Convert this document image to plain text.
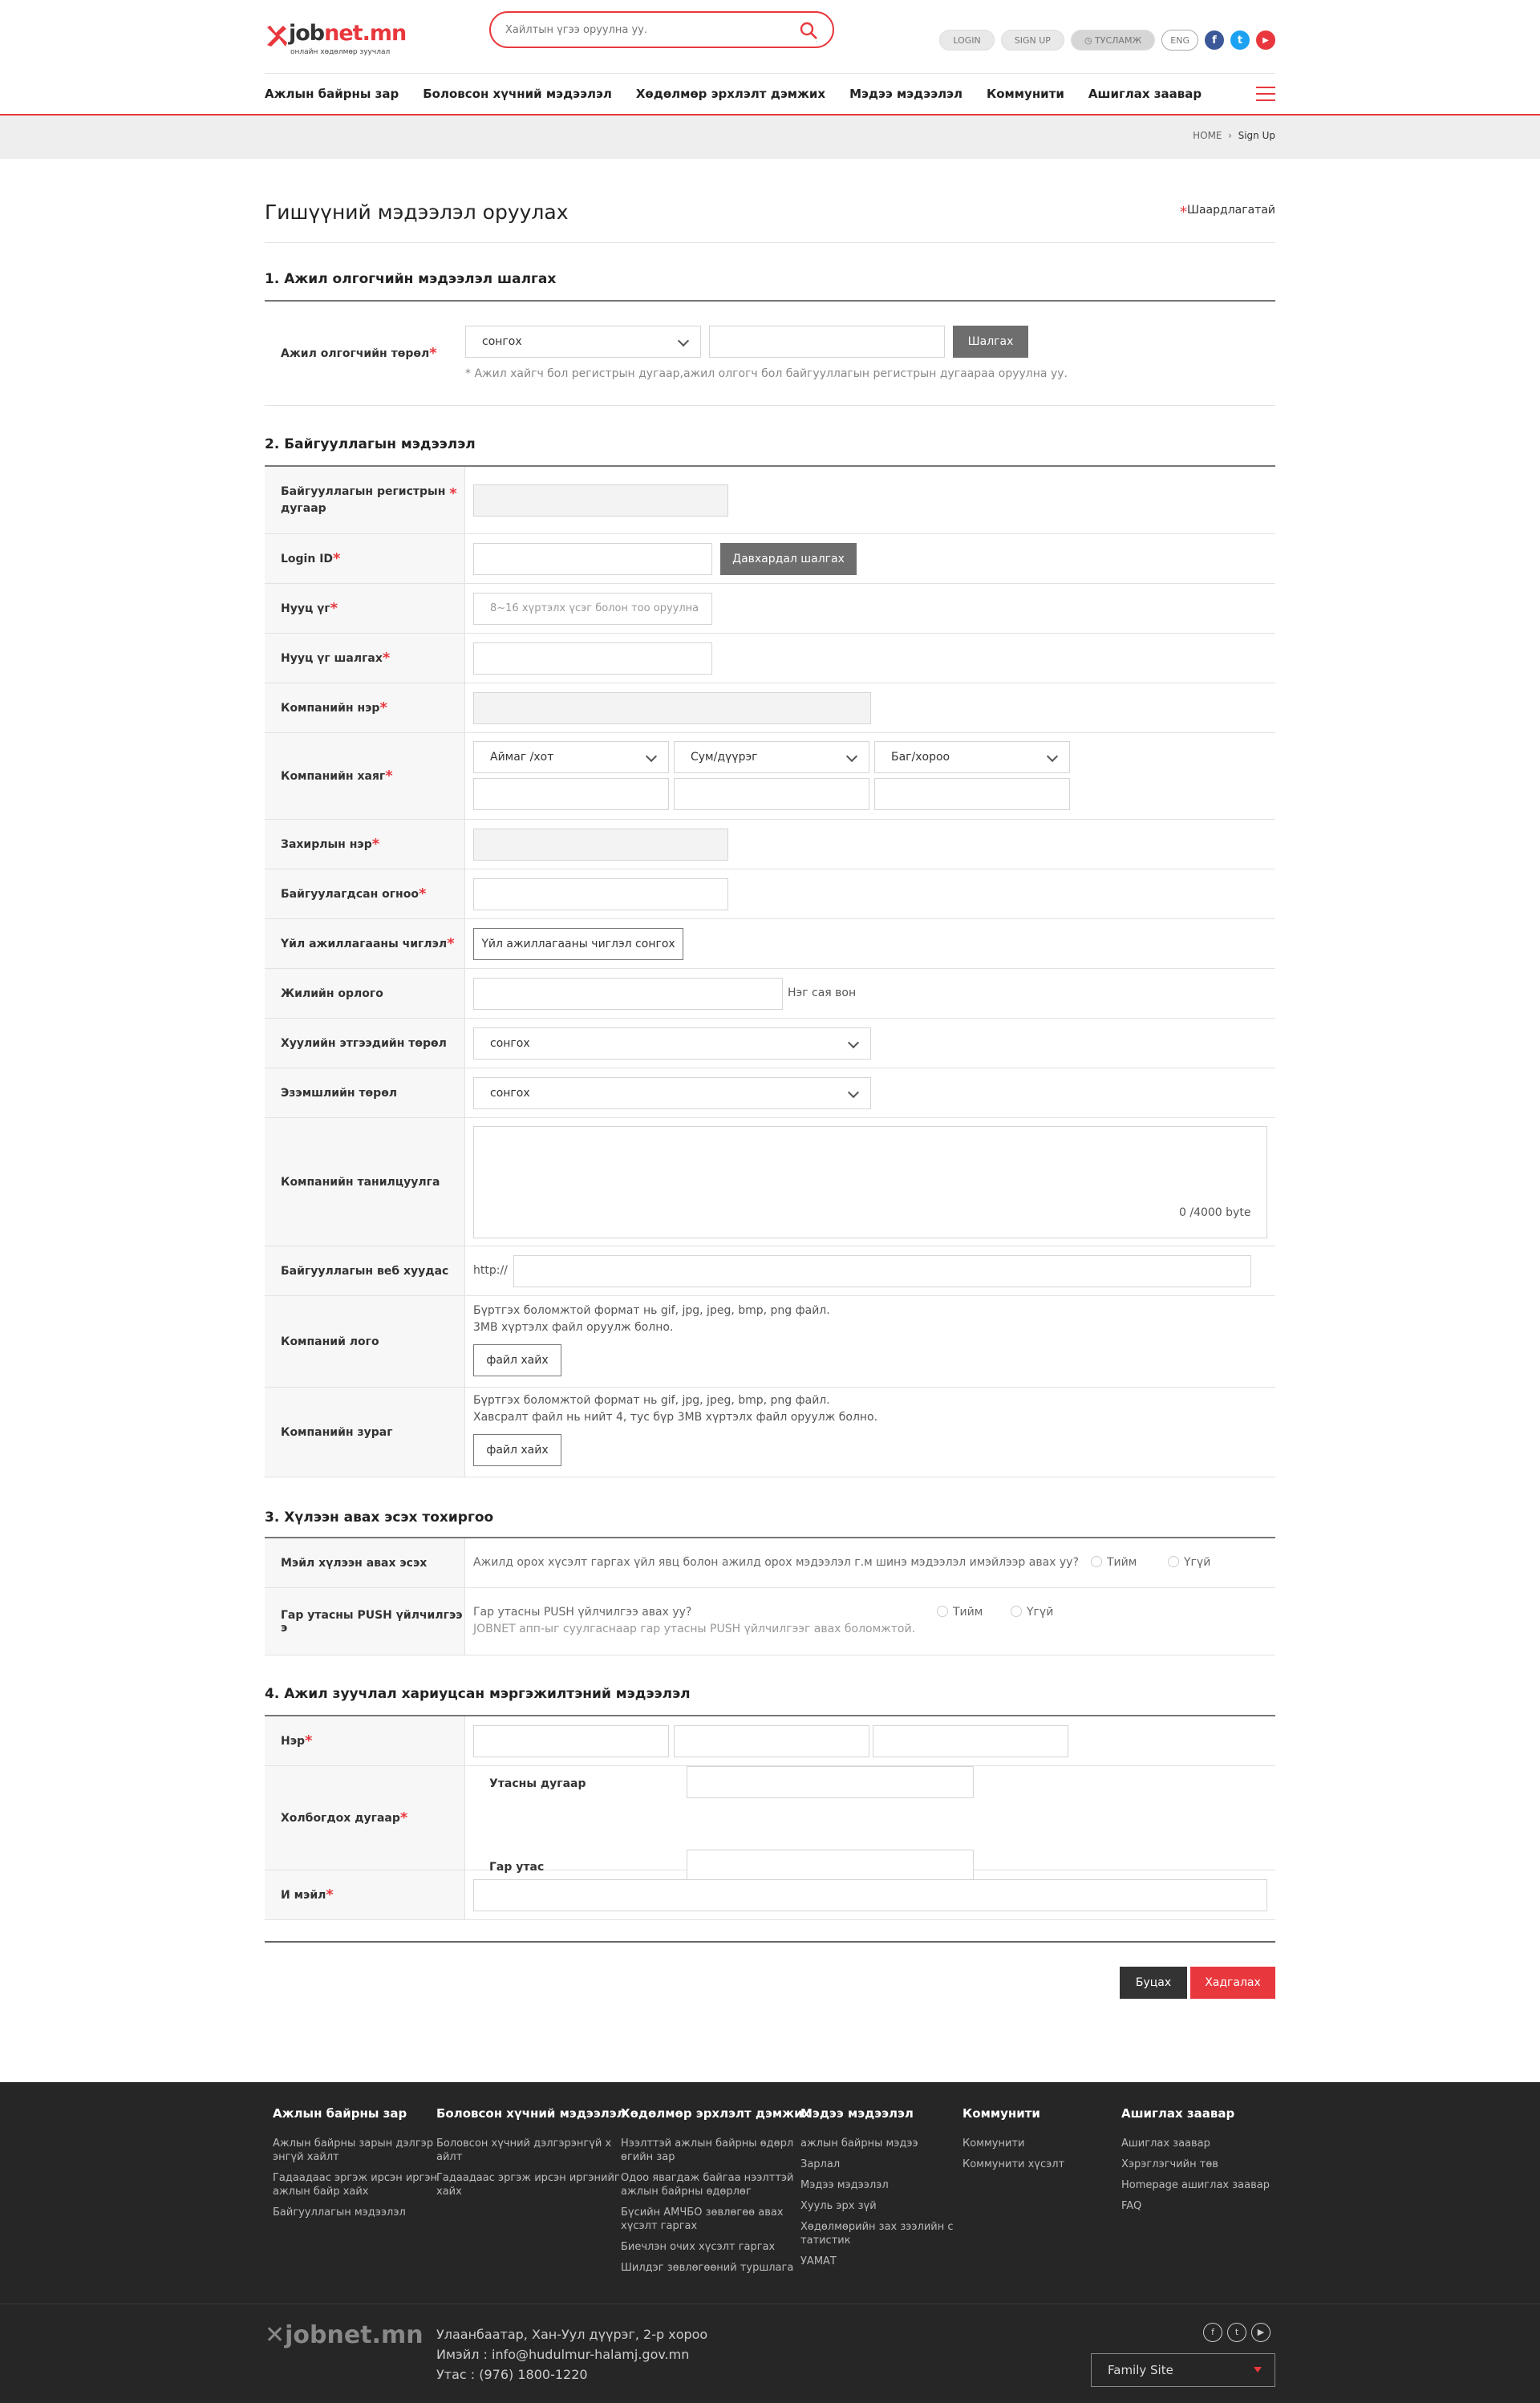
jobnet.mn
онлайн хөдөлмөр зуучлал
Хайлтын үгээ оруулна уу.
LOGIN	SIGN UP	◷ ТУСЛАМЖ	ENG	f	t	▶
Ажлын байрны зар Боловсон хүчний мэдээлэл Хөдөлмөр эрхлэлт дэмжих Мэдээ мэдээлэл Коммунити Ашиглах заавар
HOME  ›  Sign Up
Гишүүний мэдээлэл оруулах	*Шаардлагатай
1. Ажил олгогчийн мэдээлэл шалгах
Ажил олгогчийн төрөл *
сонгох	Шалгах
* Ажил хайгч бол регистрын дугаар,ажил олгогч бол байгууллагын регистрын дугаараа оруулна уу.
2. Байгууллагын мэдээлэл
Байгууллагын регистрын *
дугаар
Login ID *	Давхардал шалгах
Нууц үг *	8~16 хүртэлх үсэг болон тоо оруулна
Нууц үг шалгах *
Компанийн нэр *
Компанийн хаяг *
Аймаг /хот	Сум/дүүрэг	Баг/хороо
Захирлын нэр *
Байгуулагдсан огноо *
Үйл ажиллагааны чиглэл *	Үйл ажиллагааны чиглэл сонгох
Жилийн орлого	Нэг сая вон
Хуулийн этгээдийн төрөл	сонгох
Эзэмшлийн төрөл	сонгох
Компанийн танилцуулга
0 /4000 byte
Байгууллагын веб хуудас	http://
Компаний лого
Бүртгэх боломжтой формат нь gif, jpg, jpeg, bmp, png файл.
3MB хүртэлх файл оруулж болно.
файл хайх
Компанийн зураг
Бүртгэх боломжтой формат нь gif, jpg, jpeg, bmp, png файл.
Хавсралт файл нь нийт 4, тус бүр 3MB хүртэлх файл оруулж болно.
файл хайх
3. Хүлээн авах эсэх тохиргоо
Мэйл хүлээн авах эсэх	Ажилд орох хүсэлт гаргах үйл явц болон ажилд орох мэдээлэл г.м шинэ мэдээлэл имэйлээр авах уу?	Тийм	Үгүй
Гар утасны PUSH үйлчилгээ
э
Гар утасны PUSH үйлчилгээ авах уу?
JOBNET апп-ыг суулгаснаар гар утасны PUSH үйлчилгээг авах боломжтой.
Тийм	Үгүй
4. Ажил зуучлал хариуцсан мэргэжилтэний мэдээлэл
Нэр *
Холбогдох дугаар *
Утасны дугаар
Гар утас
И мэйл *
Буцах	Хадгалах
Ажлын байрны зар

Ажлын байрны зарын дэлгэр
энгүй хайлт

Гадаадаас эргэж ирсэн иргэн
ажлын байр хайх

Байгууллагын мэдээлэл

Боловсон хүчний мэдээлэл

Боловсон хүчний дэлгэрэнгүй х
айлт

Гадаадаас эргэж ирсэн иргэнийг
хайх

Хөдөлмөр эрхлэлт дэмжих

Нээлттэй ажлын байрны өдөрл
өгийн зар

Одоо явагдаж байгаа нээлттэй
ажлын байрны өдөрлөг

Бүсийн АМЧБО зөвлөгөө авах
хүсэлт гаргах

Биечлэн очих хүсэлт гаргах

Шилдэг зөвлөгөөний туршлага

Мэдээ мэдээлэл

ажлын байрны мэдээ

Зарлал

Мэдээ мэдээлэл

Хууль эрх зүй

Хөдөлмөрийн зах зээлийн с
татистик

УАМАТ

Коммунити

Коммунити

Коммунити хүсэлт

Ашиглах заавар

Ашиглах заавар

Хэрэглэгчийн төв

Homepage ашиглах заавар

FAQ

✕jobnet.mn Улаанбаатар, Хан-Уул дүүрэг, 2-р хороо
Имэйл : info@hudulmur-halamj.gov.mn
Утас : (976) 1800-1220
f	t	▶
Family Site
